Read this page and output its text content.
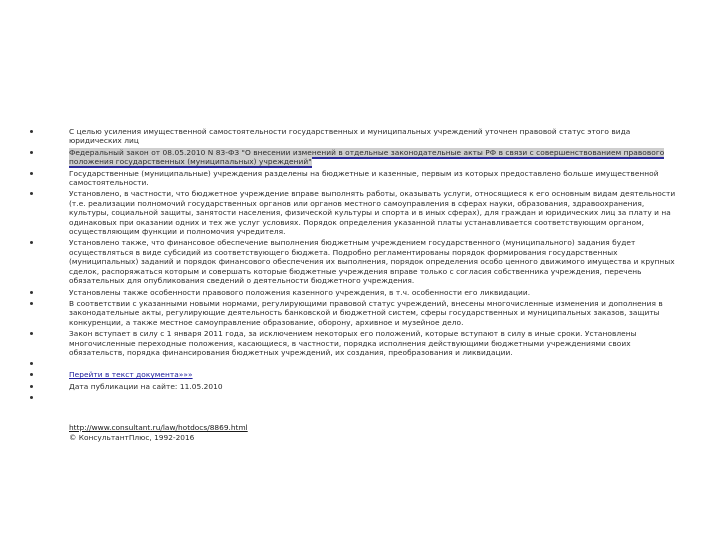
С целью усиления имущественной самостоятельности государственных и муниципальных учреждений уточнен правовой статус этого вида юридических лиц
Федеральный закон от 08.05.2010 N 83-ФЗ "О внесении изменений в отдельные законодательные акты РФ в связи с совершенствованием правового положения государственных (муниципальных) учреждений"
Государственные (муниципальные) учреждения разделены на бюджетные и казенные, первым из которых предоставлено больше имущественной самостоятельности.
Установлено, в частности, что бюджетное учреждение вправе выполнять работы, оказывать услуги, относящиеся к его основным видам деятельности (т.е. реализации полномочий государственных органов или органов местного самоуправления в сферах науки, образования, здравоохранения, культуры, социальной защиты, занятости населения, физической культуры и спорта и в иных сферах), для граждан и юридических лиц за плату и на одинаковых при оказании одних и тех же услуг условиях. Порядок определения указанной платы устанавливается соответствующим органом, осуществляющим функции и полномочия учредителя.
Установлено также, что финансовое обеспечение выполнения бюджетным учреждением государственного (муниципального) задания будет осуществляться в виде субсидий из соответствующего бюджета. Подробно регламентированы порядок формирования государственных (муниципальных) заданий и порядок финансового обеспечения их выполнения, порядок определения особо ценного движимого имущества и крупных сделок, распоряжаться которым и совершать которые бюджетные учреждения вправе только с согласия собственника учреждения, перечень обязательных для опубликования сведений о деятельности бюджетного учреждения.
Установлены также особенности правового положения казенного учреждения, в т.ч. особенности его ликвидации.
В соответствии с указанными новыми нормами, регулирующими правовой статус учреждений, внесены многочисленные изменения и дополнения в законодательные акты, регулирующие деятельность банковской и бюджетной систем, сферы государственных и муниципальных заказов, защиты конкуренции, а также местное самоуправление образование, оборону, архивное и музейное дело.
Закон вступает в силу с 1 января 2011 года, за исключением некоторых его положений, которые вступают в силу в иные сроки. Установлены многочисленные переходные положения, касающиеся, в частности, порядка исполнения действующими бюджетными учреждениями своих обязательств, порядка финансирования бюджетных учреждений, их создания, преобразования и ликвидации.
Перейти в текст документа»»»
Дата публикации на сайте: 11.05.2010
http://www.consultant.ru/law/hotdocs/8869.html
© КонсультантПлюс, 1992-2016
